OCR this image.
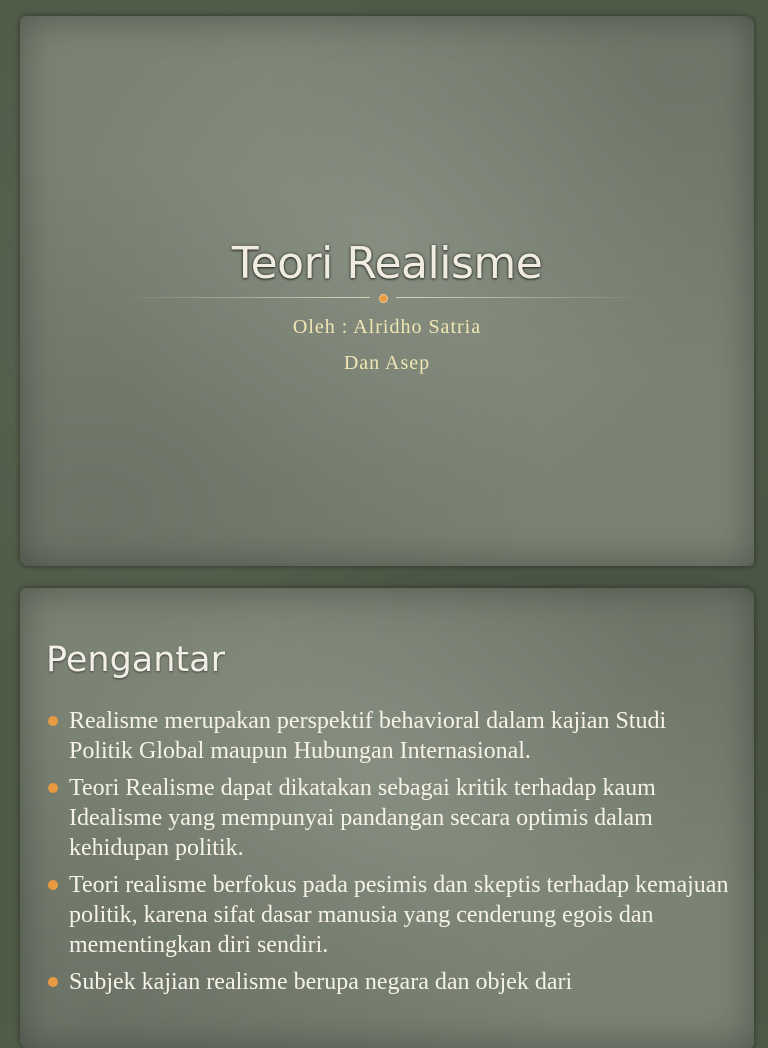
Teori Realisme
Oleh : Alridho Satria
Dan Asep
Pengantar
Realisme merupakan perspektif behavioral dalam kajian Studi Politik Global maupun Hubungan Internasional.
Teori Realisme dapat dikatakan sebagai kritik terhadap kaum Idealisme yang mempunyai pandangan secara optimis dalam kehidupan politik.
Teori realisme berfokus pada pesimis dan skeptis terhadap kemajuan politik, karena sifat dasar manusia yang cenderung egois dan mementingkan diri sendiri.
Subjek kajian realisme berupa negara dan objek dari
